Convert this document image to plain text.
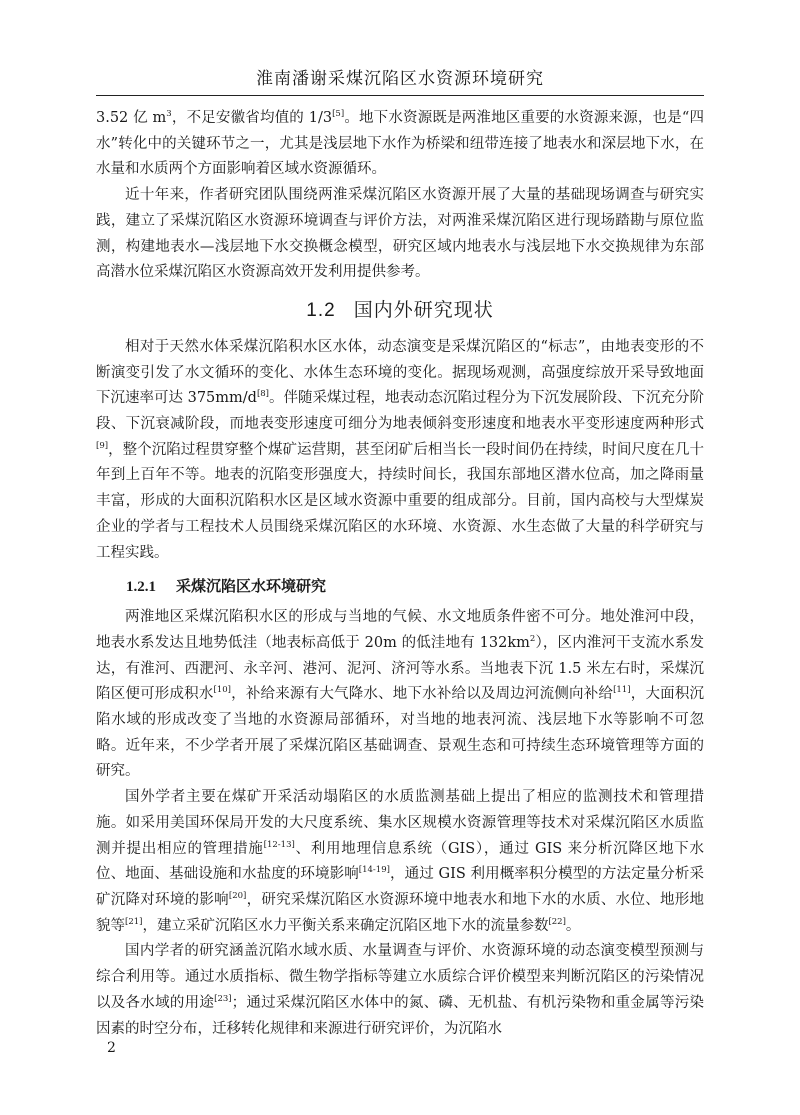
淮南潘谢采煤沉陷区水资源环境研究

3.52 亿 $m^3$，不足安徽省均值的 1/3[5]。地下水资源既是两淮地区重要的水资源来源，也是“四水”转化中的关键环节之一，尤其是浅层地下水作为桥梁和纽带连接了地表水和深层地下水，在水量和水质两个方面影响着区域水资源循环。

近十年来，作者研究团队围绕两淮采煤沉陷区水资源开展了大量的基础现场调查与研究实践，建立了采煤沉陷区水资源环境调查与评价方法，对两淮采煤沉陷区进行现场踏勘与原位监测，构建地表水—浅层地下水交换概念模型，研究区域内地表水与浅层地下水交换规律为东部高潜水位采煤沉陷区水资源高效开发利用提供参考。

1.2 国内外研究现状

相对于天然水体采煤沉陷积水区水体，动态演变是采煤沉陷区的“标志”，由地表变形的不断演变引发了水文循环的变化、水体生态环境的变化。据现场观测，高强度综放开采导致地面下沉速率可达 375mm/d[8]。伴随采煤过程，地表动态沉陷过程分为下沉发展阶段、下沉充分阶段、下沉衰减阶段，而地表变形速度可细分为地表倾斜变形速度和地表水平变形速度两种形式[9]，整个沉陷过程贯穿整个煤矿运营期，甚至闭矿后相当长一段时间仍在持续，时间尺度在几十年到上百年不等。地表的沉陷变形强度大，持续时间长，我国东部地区潜水位高，加之降雨量丰富，形成的大面积沉陷积水区是区域水资源中重要的组成部分。目前，国内高校与大型煤炭企业的学者与工程技术人员围绕采煤沉陷区的水环境、水资源、水生态做了大量的科学研究与工程实践。

1.2.1 采煤沉陷区水环境研究

两淮地区采煤沉陷积水区的形成与当地的气候、水文地质条件密不可分。地处淮河中段，地表水系发达且地势低洼（地表标高低于 20m 的低洼地有 $132km^2$），区内淮河干支流水系发达，有淮河、西淝河、永辛河、港河、泥河、济河等水系。当地表下沉 1.5 米左右时，采煤沉陷区便可形成积水[10]，补给来源有大气降水、地下水补给以及周边河流侧向补给[11]，大面积沉陷水域的形成改变了当地的水资源局部循环，对当地的地表河流、浅层地下水等影响不可忽略。近年来，不少学者开展了采煤沉陷区基础调查、景观生态和可持续生态环境管理等方面的研究。

国外学者主要在煤矿开采活动塌陷区的水质监测基础上提出了相应的监测技术和管理措施。如采用美国环保局开发的大尺度系统、集水区规模水资源管理等技术对采煤沉陷区水质监测并提出相应的管理措施[12-13]、利用地理信息系统（GIS），通过 GIS 来分析沉降区地下水位、地面、基础设施和水盐度的环境影响[14-19]，通过 GIS 利用概率积分模型的方法定量分析采矿沉降对环境的影响[20]，研究采煤沉陷区水资源环境中地表水和地下水的水质、水位、地形地貌等[21]，建立采矿沉陷区水力平衡关系来确定沉陷区地下水的流量参数[22]。

国内学者的研究涵盖沉陷水域水质、水量调查与评价、水资源环境的动态演变模型预测与综合利用等。通过水质指标、微生物学指标等建立水质综合评价模型来判断沉陷区的污染情况以及各水域的用途[23]；通过采煤沉陷区水体中的氮、磷、无机盐、有机污染物和重金属等污染因素的时空分布，迁移转化规律和来源进行研究评价，为沉陷水

2
